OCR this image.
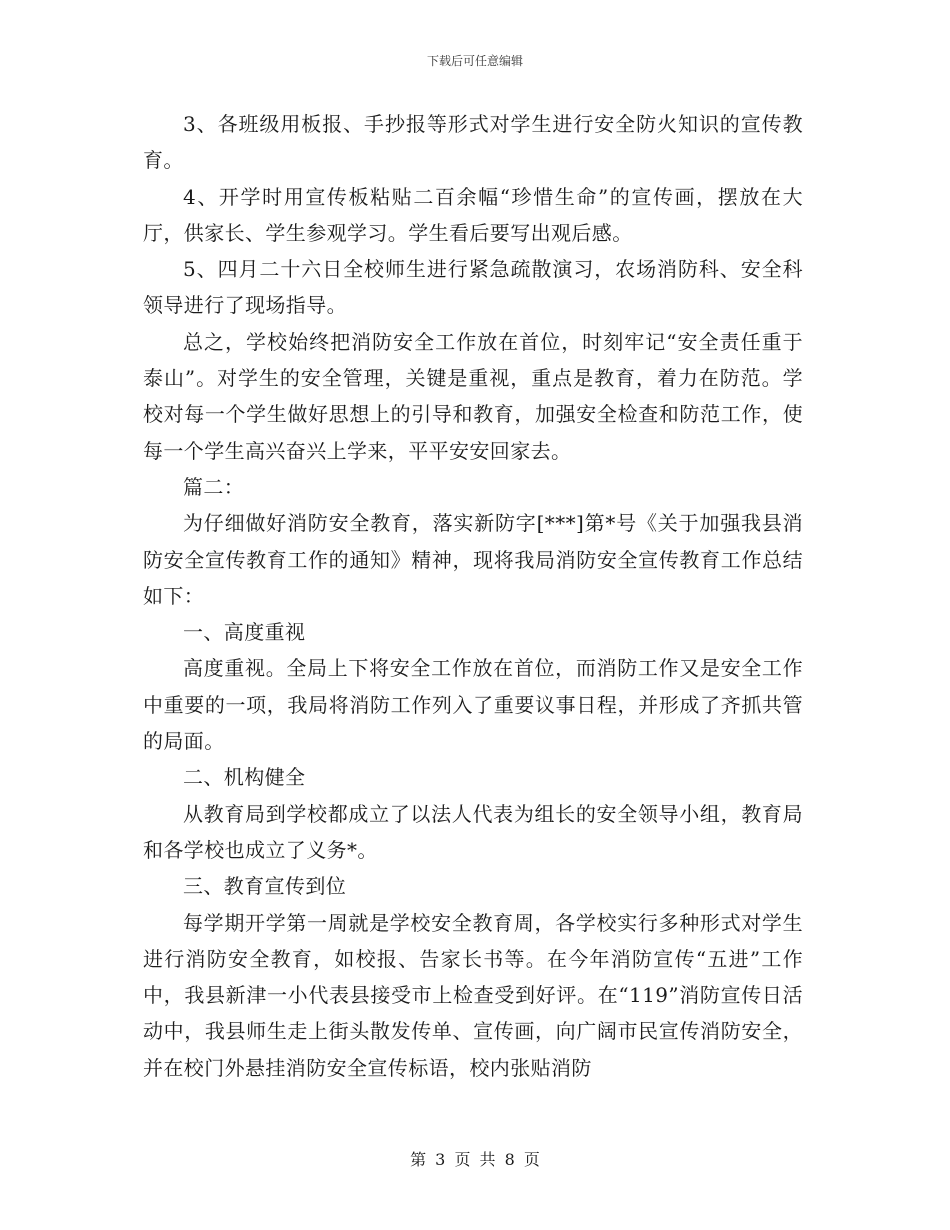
下载后可任意编辑

3、各班级用板报、手抄报等形式对学生进行安全防火知识的宣传教育。

4、开学时用宣传板粘贴二百余幅“珍惜生命”的宣传画，摆放在大厅，供家长、学生参观学习。学生看后要写出观后感。

5、四月二十六日全校师生进行紧急疏散演习，农场消防科、安全科领导进行了现场指导。

总之，学校始终把消防安全工作放在首位，时刻牢记“安全责任重于泰山”。对学生的安全管理，关键是重视，重点是教育，着力在防范。学校对每一个学生做好思想上的引导和教育，加强安全检查和防范工作，使每一个学生高兴奋兴上学来，平平安安回家去。

篇二：

为仔细做好消防安全教育，落实新防字[***]第*号《关于加强我县消防安全宣传教育工作的通知》精神，现将我局消防安全宣传教育工作总结如下：

一、高度重视

高度重视。全局上下将安全工作放在首位，而消防工作又是安全工作中重要的一项，我局将消防工作列入了重要议事日程，并形成了齐抓共管的局面。

二、机构健全

从教育局到学校都成立了以法人代表为组长的安全领导小组，教育局和各学校也成立了义务*。

三、教育宣传到位

每学期开学第一周就是学校安全教育周，各学校实行多种形式对学生进行消防安全教育，如校报、告家长书等。在今年消防宣传“五进”工作中，我县新津一小代表县接受市上检查受到好评。在“119”消防宣传日活动中，我县师生走上街头散发传单、宣传画，向广阔市民宣传消防安全，并在校门外悬挂消防安全宣传标语，校内张贴消防

第 3 页 共 8 页
